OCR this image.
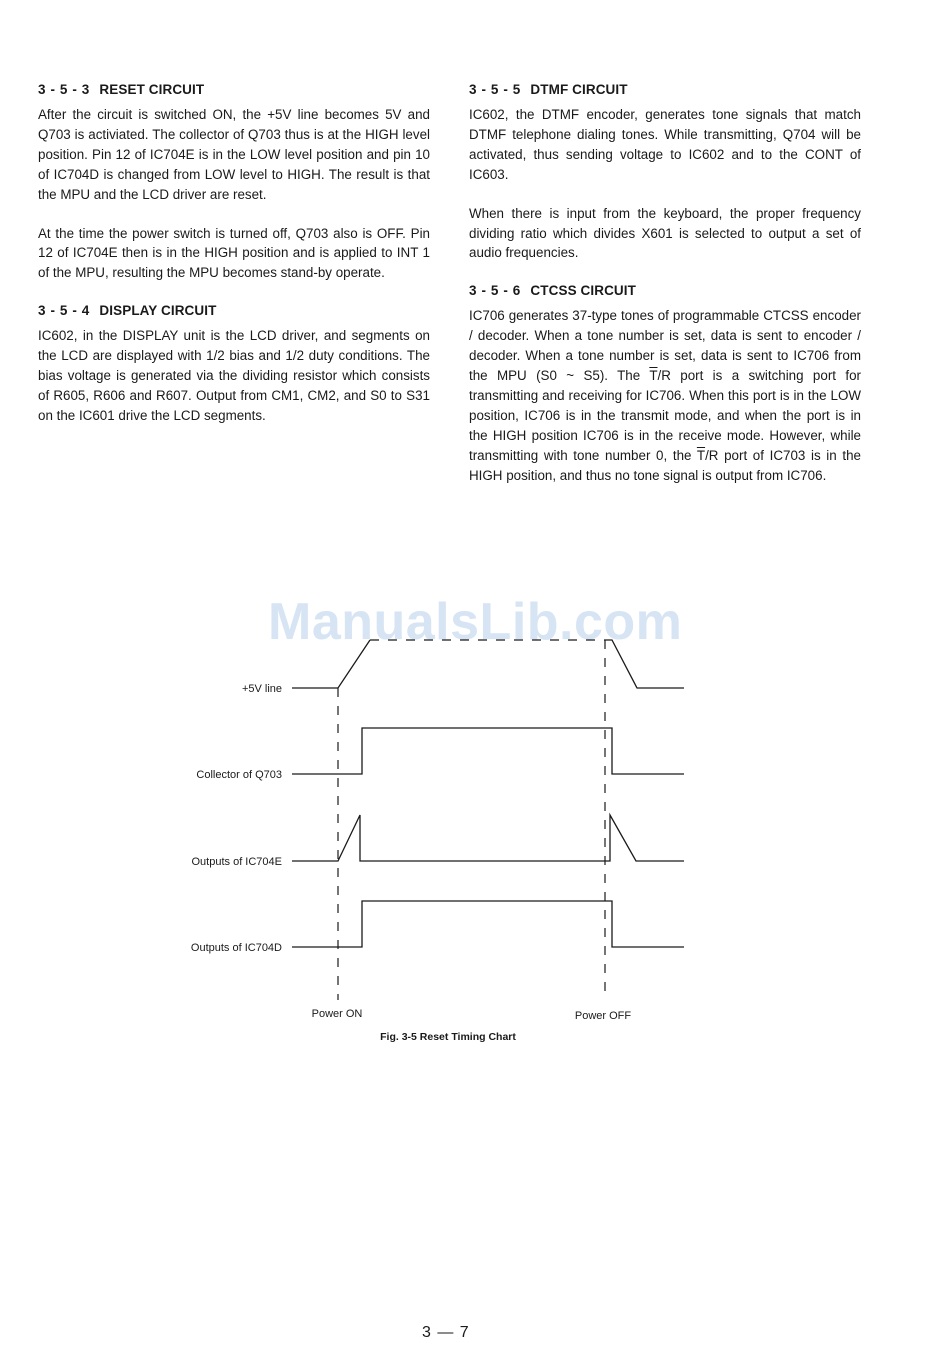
3 - 5 - 3 RESET CIRCUIT

After the circuit is switched ON, the +5V line becomes 5V and Q703 is activiated. The collector of Q703 thus is at the HIGH level position. Pin 12 of IC704E is in the LOW level position and pin 10 of IC704D is changed from LOW level to HIGH. The result is that the MPU and the LCD driver are reset.

At the time the power switch is turned off, Q703 also is OFF. Pin 12 of IC704E then is in the HIGH position and is applied to INT 1 of the MPU, resulting the MPU becomes stand-by operate.

3 - 5 - 4 DISPLAY CIRCUIT

IC602, in the DISPLAY unit is the LCD driver, and segments on the LCD are displayed with 1/2 bias and 1/2 duty conditions. The bias voltage is generated via the dividing resistor which consists of R605, R606 and R607. Output from CM1, CM2, and S0 to S31 on the IC601 drive the LCD segments.

3 - 5 - 5 DTMF CIRCUIT

IC602, the DTMF encoder, generates tone signals that match DTMF telephone dialing tones. While transmitting, Q704 will be activated, thus sending voltage to IC602 and to the CONT of IC603.

When there is input from the keyboard, the proper frequency dividing ratio which divides X601 is selected to output a set of audio frequencies.

3 - 5 - 6 CTCSS CIRCUIT

IC706 generates 37-type tones of programmable CTCSS encoder / decoder. When a tone number is set, data is sent to encoder / decoder. When a tone number is set, data is sent to IC706 from the MPU (S0 ~ S5). The $\overline{T}/R$ port is a switching port for transmitting and receiving for IC706. When this port is in the LOW position, IC706 is in the transmit mode, and when the port is in the HIGH position IC706 is in the receive mode. However, while transmitting with tone number 0, the $\overline{T}/R$ port of IC703 is in the HIGH position, and thus no tone signal is output from IC706.

ManualsLib.com
+5V line
Collector of Q703
Outputs of IC704E
Outputs of IC704D
Power ON	Power OFF
Fig. 3-5 Reset Timing Chart
3 — 7
